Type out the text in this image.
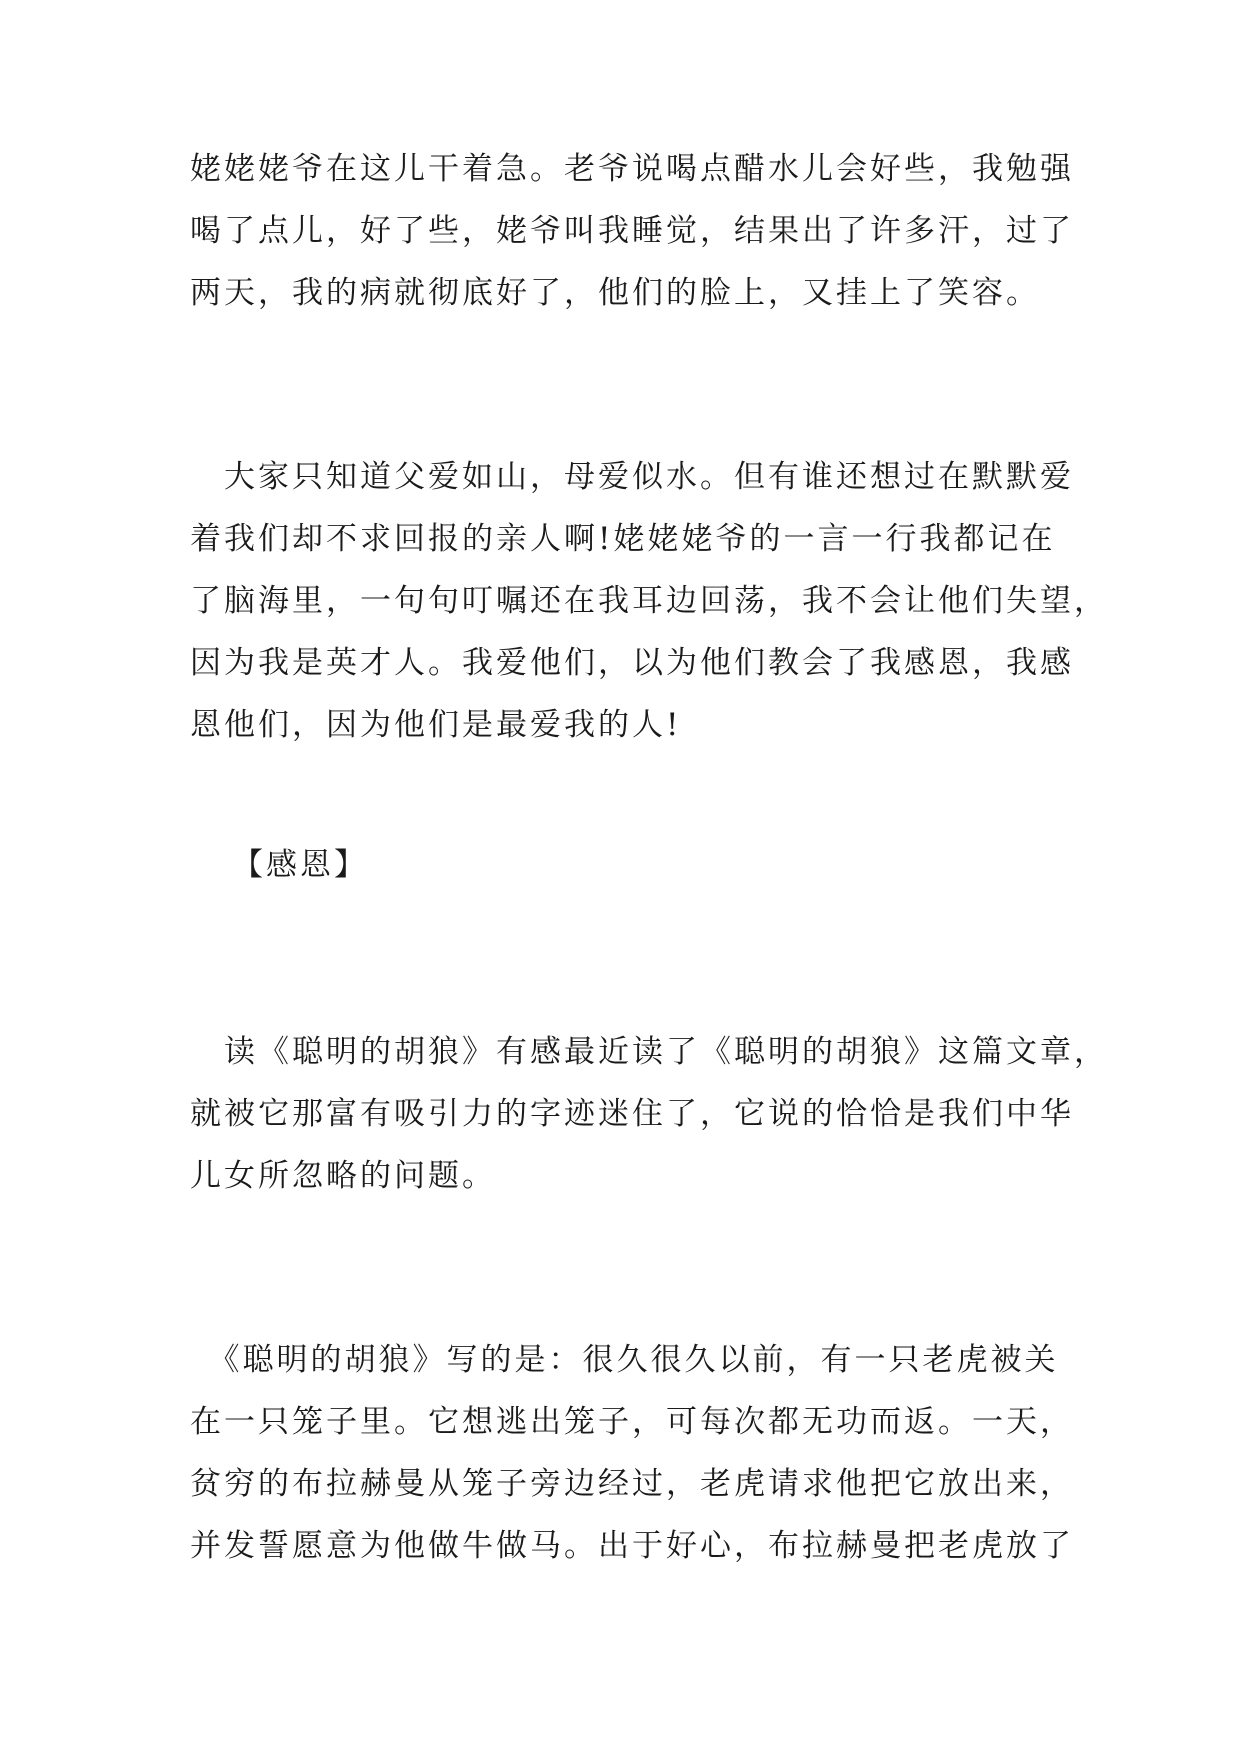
姥姥姥爷在这儿干着急。老爷说喝点醋水儿会好些，我勉强
喝了点儿，好了些，姥爷叫我睡觉，结果出了许多汗，过了
两天，我的病就彻底好了，他们的脸上，又挂上了笑容。
　大家只知道父爱如山，母爱似水。但有谁还想过在默默爱
着我们却不求回报的亲人啊!姥姥姥爷的一言一行我都记在
了脑海里，一句句叮嘱还在我耳边回荡，我不会让他们失望，
因为我是英才人。我爱他们，以为他们教会了我感恩，我感
恩他们，因为他们是最爱我的人!
【感恩】
　读《聪明的胡狼》有感最近读了《聪明的胡狼》这篇文章，
就被它那富有吸引力的字迹迷住了，它说的恰恰是我们中华
儿女所忽略的问题。
　《聪明的胡狼》写的是：很久很久以前，有一只老虎被关
在一只笼子里。它想逃出笼子，可每次都无功而返。一天，
贫穷的布拉赫曼从笼子旁边经过，老虎请求他把它放出来，
并发誓愿意为他做牛做马。出于好心，布拉赫曼把老虎放了
